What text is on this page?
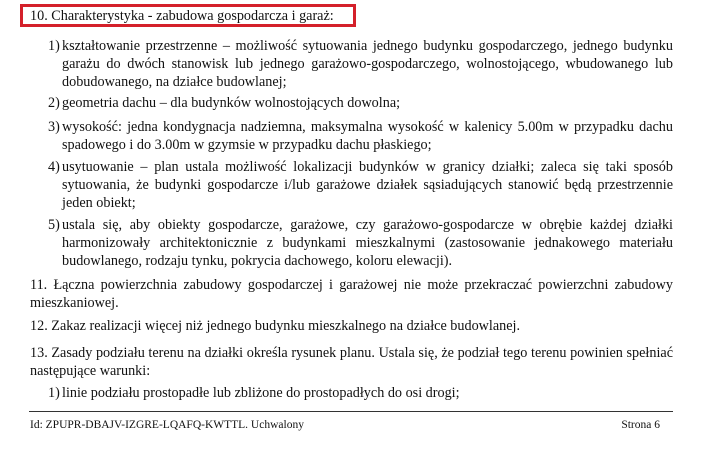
10. Charakterystyka - zabudowa gospodarcza i garaż:
1) kształtowanie przestrzenne – możliwość sytuowania jednego budynku gospodarczego, jednego budynku garażu do dwóch stanowisk lub jednego garażowo-gospodarczego, wolnostojącego, wbudowanego lub dobudowanego, na działce budowlanej;
2) geometria dachu – dla budynków wolnostojących dowolna;
3) wysokość: jedna kondygnacja nadziemna, maksymalna wysokość w kalenicy 5.00m w przypadku dachu spadowego i do 3.00m w gzymsie w przypadku dachu płaskiego;
4) usytuowanie – plan ustala możliwość lokalizacji budynków w granicy działki; zaleca się taki sposób sytuowania, że budynki gospodarcze i/lub garażowe działek sąsiadujących stanowić będą przestrzennie jeden obiekt;
5) ustala się, aby obiekty gospodarcze, garażowe, czy garażowo-gospodarcze w obrębie każdej działki harmonizowały architektonicznie z budynkami mieszkalnymi (zastosowanie jednakowego materiału budowlanego, rodzaju tynku, pokrycia dachowego, koloru elewacji).
11. Łączna powierzchnia zabudowy gospodarczej i garażowej nie może przekraczać powierzchni zabudowy mieszkaniowej.
12. Zakaz realizacji więcej niż jednego budynku mieszkalnego na działce budowlanej.
13. Zasady podziału terenu na działki określa rysunek planu. Ustala się, że podział tego terenu powinien spełniać następujące warunki:
1) linie podziału prostopadłe lub zbliżone do prostopadłych do osi drogi;
Id: ZPUPR-DBAJV-IZGRE-LQAFQ-KWTTL. Uchwalony	Strona 6
